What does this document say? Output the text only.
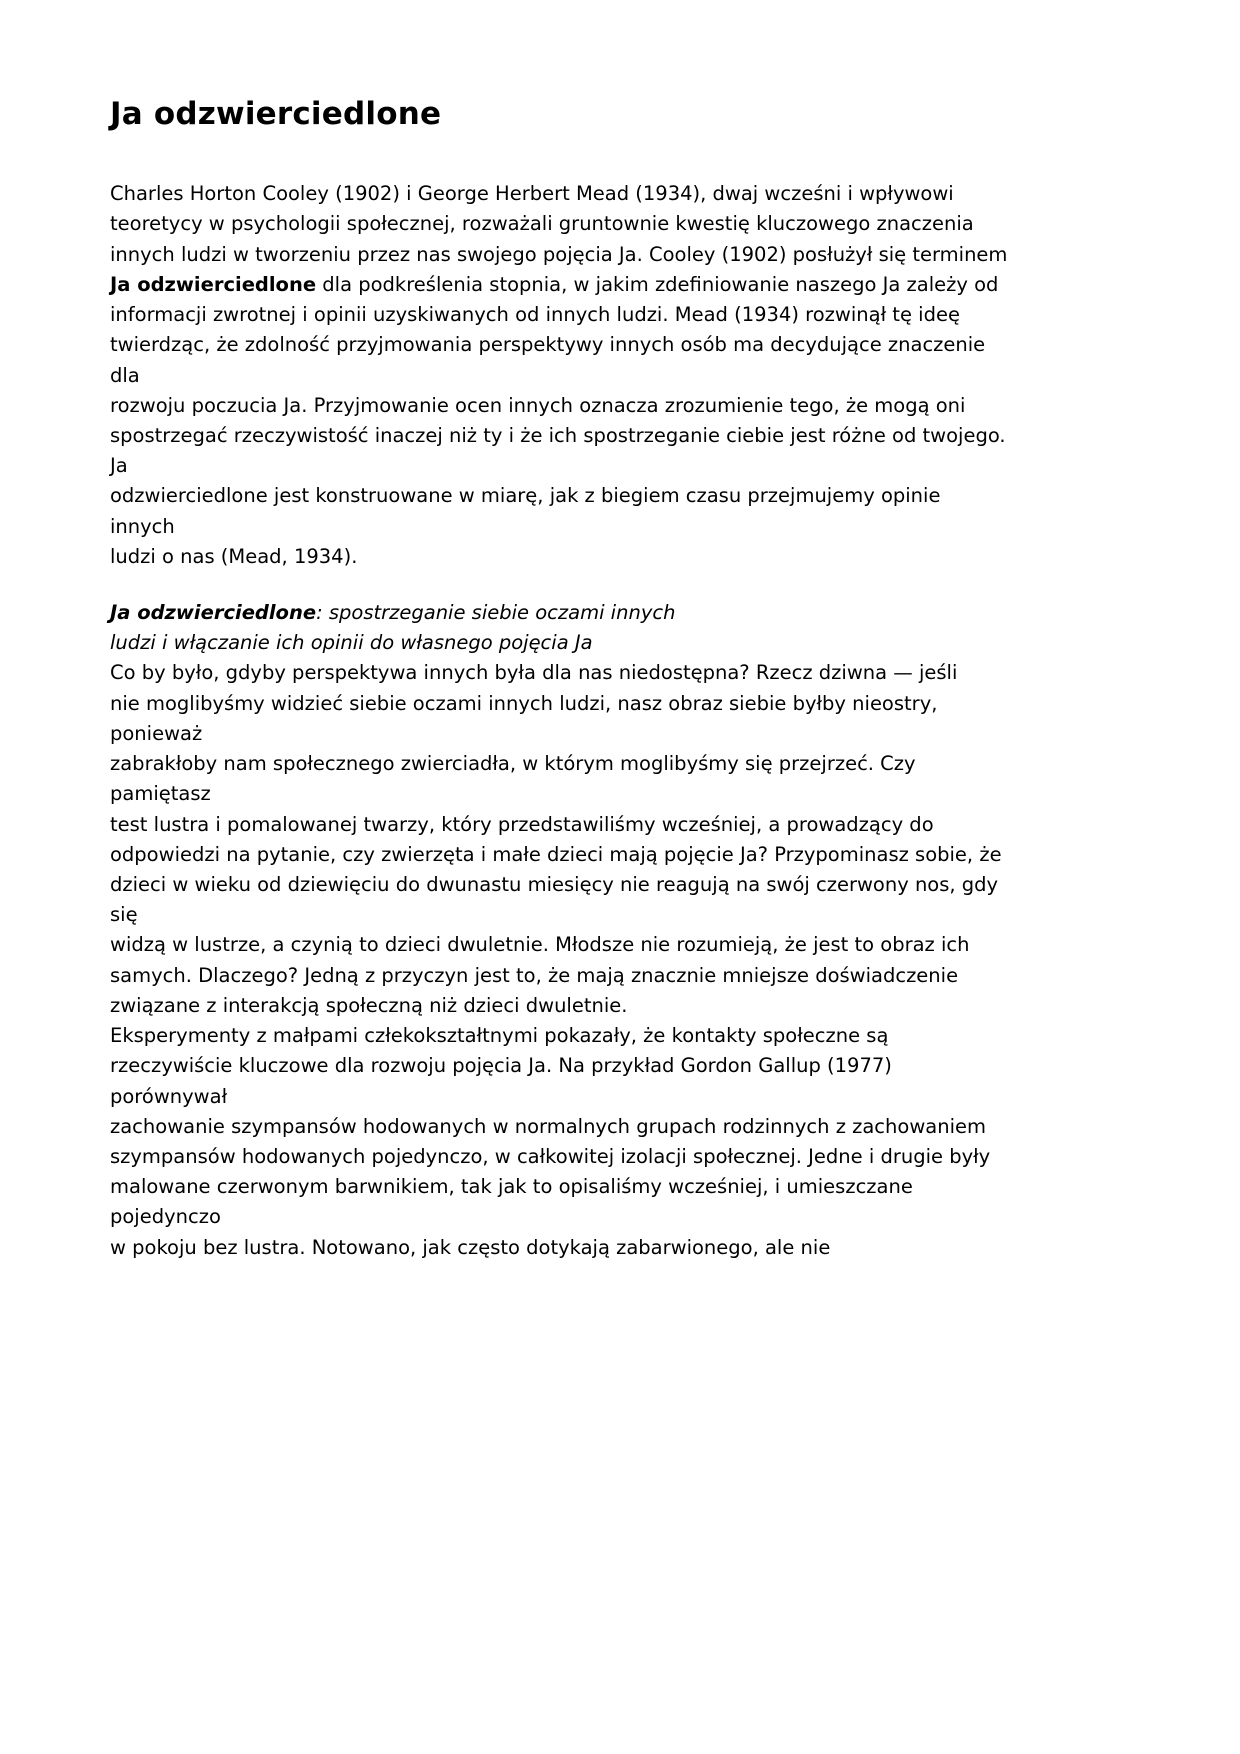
Ja odzwierciedlone
Charles Horton Cooley (1902) i George Herbert Mead (1934), dwaj wcześni i wpływowi
teoretycy w psychologii społecznej, rozważali gruntownie kwestię kluczowego znaczenia
innych ludzi w tworzeniu przez nas swojego pojęcia Ja. Cooley (1902) posłużył się terminem
Ja odzwierciedlone dla podkreślenia stopnia, w jakim zdefiniowanie naszego Ja zależy od
informacji zwrotnej i opinii uzyskiwanych od innych ludzi. Mead (1934) rozwinął tę ideę
twierdząc, że zdolność przyjmowania perspektywy innych osób ma decydujące znaczenie dla
rozwoju poczucia Ja. Przyjmowanie ocen innych oznacza zrozumienie tego, że mogą oni
spostrzegać rzeczywistość inaczej niż ty i że ich spostrzeganie ciebie jest różne od twojego. Ja
odzwierciedlone jest konstruowane w miarę, jak z biegiem czasu przejmujemy opinie innych
ludzi o nas (Mead, 1934).
Ja odzwierciedlone: spostrzeganie siebie oczami innych
ludzi i włączanie ich opinii do własnego pojęcia Ja
Co by było, gdyby perspektywa innych była dla nas niedostępna? Rzecz dziwna — jeśli
nie moglibyśmy widzieć siebie oczami innych ludzi, nasz obraz siebie byłby nieostry, ponieważ
zabrakłoby nam społecznego zwierciadła, w którym moglibyśmy się przejrzeć. Czy pamiętasz
test lustra i pomalowanej twarzy, który przedstawiliśmy wcześniej, a prowadzący do
odpowiedzi na pytanie, czy zwierzęta i małe dzieci mają pojęcie Ja? Przypominasz sobie, że
dzieci w wieku od dziewięciu do dwunastu miesięcy nie reagują na swój czerwony nos, gdy się
widzą w lustrze, a czynią to dzieci dwuletnie. Młodsze nie rozumieją, że jest to obraz ich
samych. Dlaczego? Jedną z przyczyn jest to, że mają znacznie mniejsze doświadczenie
związane z interakcją społeczną niż dzieci dwuletnie.
Eksperymenty z małpami człekokształtnymi pokazały, że kontakty społeczne są
rzeczywiście kluczowe dla rozwoju pojęcia Ja. Na przykład Gordon Gallup (1977) porównywał
zachowanie szympansów hodowanych w normalnych grupach rodzinnych z zachowaniem
szympansów hodowanych pojedynczo, w całkowitej izolacji społecznej. Jedne i drugie były
malowane czerwonym barwnikiem, tak jak to opisaliśmy wcześniej, i umieszczane pojedynczo
w pokoju bez lustra. Notowano, jak często dotykają zabarwionego, ale nie
